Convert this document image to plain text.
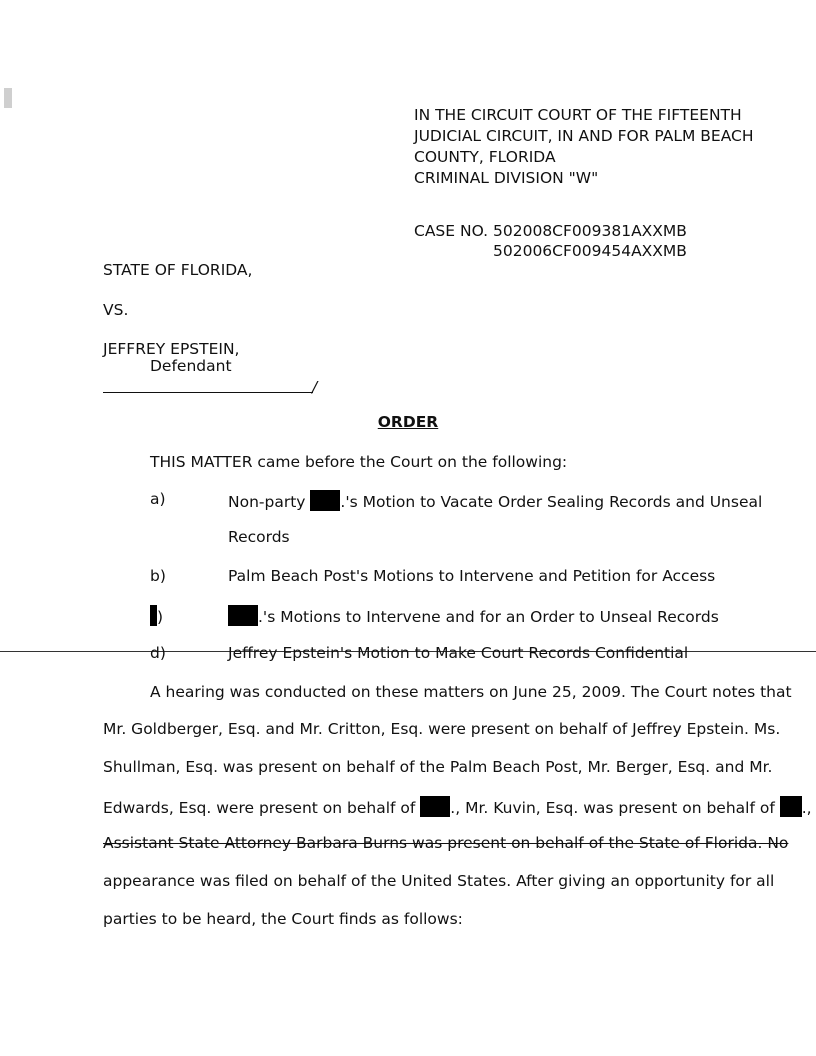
IN THE CIRCUIT COURT OF THE FIFTEENTH
JUDICIAL CIRCUIT, IN AND FOR PALM BEACH
COUNTY, FLORIDA
CRIMINAL DIVISION "W"
CASE NO. 502008CF009381AXXMB
502006CF009454AXXMB
STATE OF FLORIDA,
VS.
JEFFREY EPSTEIN,
Defendant
/
ORDER
THIS MATTER came before the Court on the following:
a)	Non-party .'s Motion to Vacate Order Sealing Records and Unseal
Records
b)	Palm Beach Post's Motions to Intervene and Petition for Access
)	.'s Motions to Intervene and for an Order to Unseal Records
d)	Jeffrey Epstein's Motion to Make Court Records Confidential
A hearing was conducted on these matters on June 25, 2009. The Court notes that
Mr. Goldberger, Esq. and Mr. Critton, Esq. were present on behalf of Jeffrey Epstein. Ms.
Shullman, Esq. was present on behalf of the Palm Beach Post, Mr. Berger, Esq. and Mr.
Edwards, Esq. were present on behalf of ., Mr. Kuvin, Esq. was present on behalf of .,
Assistant State Attorney Barbara Burns was present on behalf of the State of Florida. No
appearance was filed on behalf of the United States. After giving an opportunity for all
parties to be heard, the Court finds as follows:
